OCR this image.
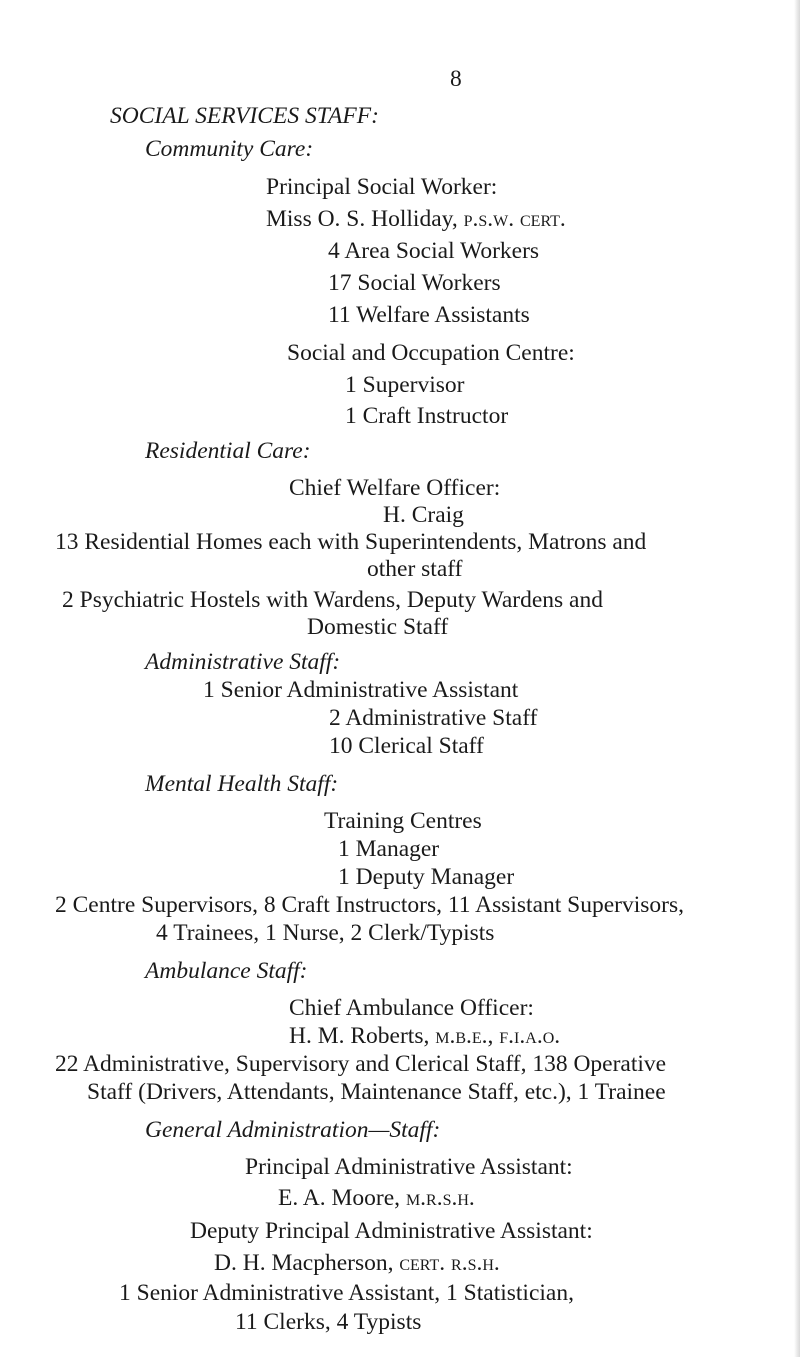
8
SOCIAL SERVICES STAFF:
Community Care:
Principal Social Worker:
Miss O. S. Holliday, p.s.w. cert.
4 Area Social Workers
17 Social Workers
11 Welfare Assistants
Social and Occupation Centre:
1 Supervisor
1 Craft Instructor
Residential Care:
Chief Welfare Officer:
H. Craig
13 Residential Homes each with Superintendents, Matrons and
other staff
2 Psychiatric Hostels with Wardens, Deputy Wardens and
Domestic Staff
Administrative Staff:
1 Senior Administrative Assistant
2 Administrative Staff
10 Clerical Staff
Mental Health Staff:
Training Centres
1 Manager
1 Deputy Manager
2 Centre Supervisors, 8 Craft Instructors, 11 Assistant Supervisors,
4 Trainees, 1 Nurse, 2 Clerk/Typists
Ambulance Staff:
Chief Ambulance Officer:
H. M. Roberts, m.b.e., f.i.a.o.
22 Administrative, Supervisory and Clerical Staff, 138 Operative
Staff (Drivers, Attendants, Maintenance Staff, etc.), 1 Trainee
General Administration—Staff:
Principal Administrative Assistant:
E. A. Moore, m.r.s.h.
Deputy Principal Administrative Assistant:
D. H. Macpherson, cert. r.s.h.
1 Senior Administrative Assistant, 1 Statistician,
11 Clerks, 4 Typists
